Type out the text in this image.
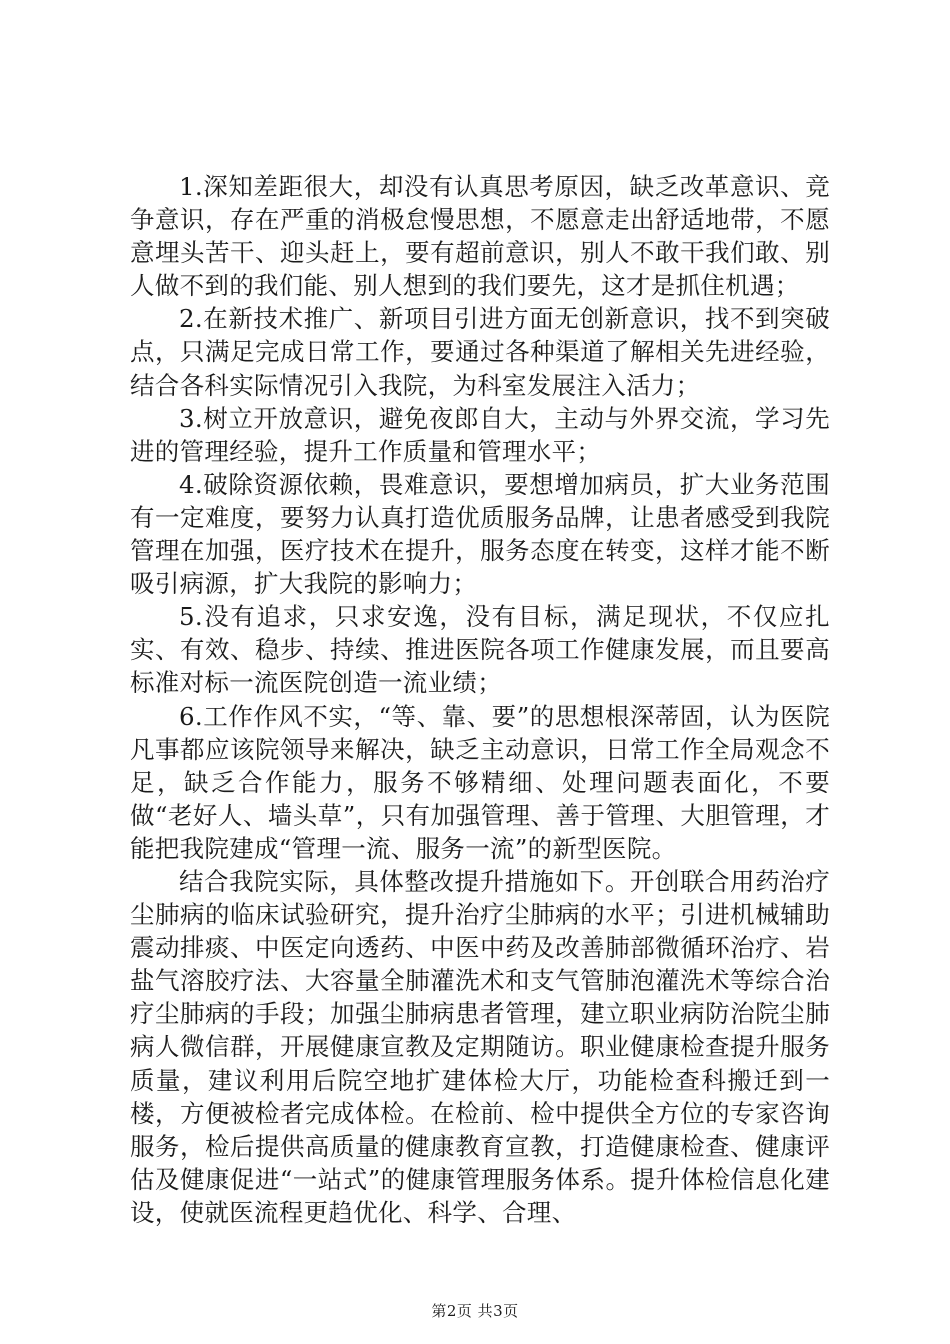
1.深知差距很大，却没有认真思考原因，缺乏改革意识、竞争意识，存在严重的消极怠慢思想，不愿意走出舒适地带，不愿意埋头苦干、迎头赶上，要有超前意识，别人不敢干我们敢、别人做不到的我们能、别人想到的我们要先，这才是抓住机遇；

2.在新技术推广、新项目引进方面无创新意识，找不到突破点，只满足完成日常工作，要通过各种渠道了解相关先进经验，结合各科实际情况引入我院，为科室发展注入活力；

3.树立开放意识，避免夜郎自大，主动与外界交流，学习先进的管理经验，提升工作质量和管理水平；

4.破除资源依赖，畏难意识，要想增加病员，扩大业务范围有一定难度，要努力认真打造优质服务品牌，让患者感受到我院管理在加强，医疗技术在提升，服务态度在转变，这样才能不断吸引病源，扩大我院的影响力；

5.没有追求，只求安逸，没有目标，满足现状，不仅应扎实、有效、稳步、持续、推进医院各项工作健康发展，而且要高标准对标一流医院创造一流业绩；

6.工作作风不实，“等、靠、要”的思想根深蒂固，认为医院凡事都应该院领导来解决，缺乏主动意识，日常工作全局观念不足，缺乏合作能力，服务不够精细、处理问题表面化，不要做“老好人、墙头草”，只有加强管理、善于管理、大胆管理，才能把我院建成“管理一流、服务一流”的新型医院。

结合我院实际，具体整改提升措施如下。开创联合用药治疗尘肺病的临床试验研究，提升治疗尘肺病的水平；引进机械辅助震动排痰、中医定向透药、中医中药及改善肺部微循环治疗、岩盐气溶胶疗法、大容量全肺灌洗术和支气管肺泡灌洗术等综合治疗尘肺病的手段；加强尘肺病患者管理，建立职业病防治院尘肺病人微信群，开展健康宣教及定期随访。职业健康检查提升服务质量，建议利用后院空地扩建体检大厅，功能检查科搬迁到一楼，方便被检者完成体检。在检前、检中提供全方位的专家咨询服务，检后提供高质量的健康教育宣教，打造健康检查、健康评估及健康促进“一站式”的健康管理服务体系。提升体检信息化建设，使就医流程更趋优化、科学、合理、

第2页 共3页
